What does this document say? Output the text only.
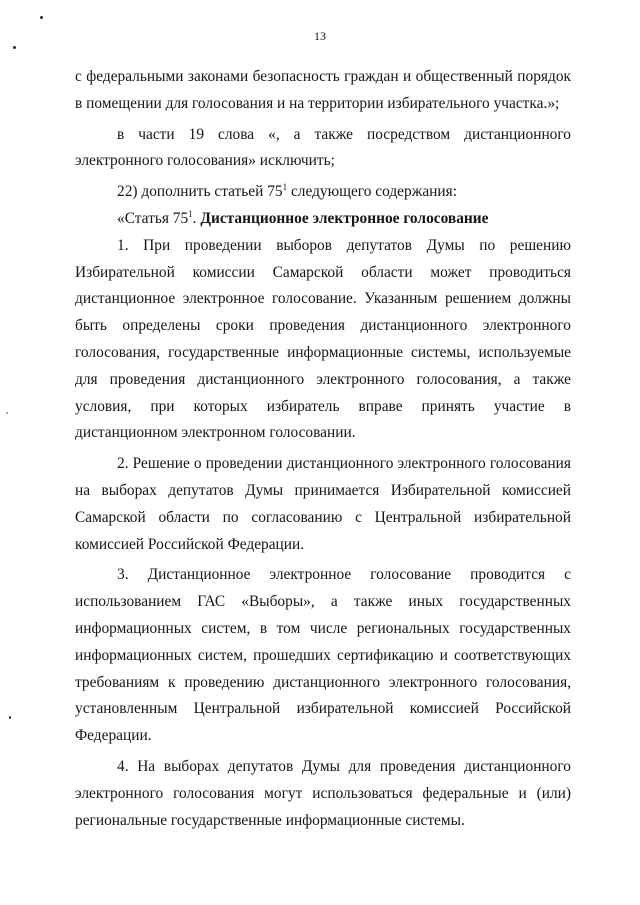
13

с федеральными законами безопасность граждан и общественный порядок

в помещении для голосования и на территории избирательного участка.»;

в части 19 слова «, а также посредством дистанционного электронного голосования» исключить;

22) дополнить статьей $75^1$ следующего содержания:

«Статья $75^1$. Дистанционное электронное голосование

1. При проведении выборов депутатов Думы по решению Избирательной комиссии Самарской области может проводиться дистанционное электронное голосование. Указанным решением должны быть определены сроки проведения дистанционного электронного голосования, государственные информационные системы, используемые для проведения дистанционного электронного голосования, а также условия, при которых избиратель вправе принять участие в дистанционном электронном голосовании.

2. Решение о проведении дистанционного электронного голосования на выборах депутатов Думы принимается Избирательной комиссией Самарской области по согласованию с Центральной избирательной комиссией Российской Федерации.

3. Дистанционное электронное голосование проводится с использованием ГАС «Выборы», а также иных государственных информационных систем, в том числе региональных государственных информационных систем, прошедших сертификацию и соответствующих требованиям к проведению дистанционного электронного голосования, установленным Центральной избирательной комиссией Российской Федерации.

4. На выборах депутатов Думы для проведения дистанционного электронного голосования могут использоваться федеральные и (или) региональные государственные информационные системы.
